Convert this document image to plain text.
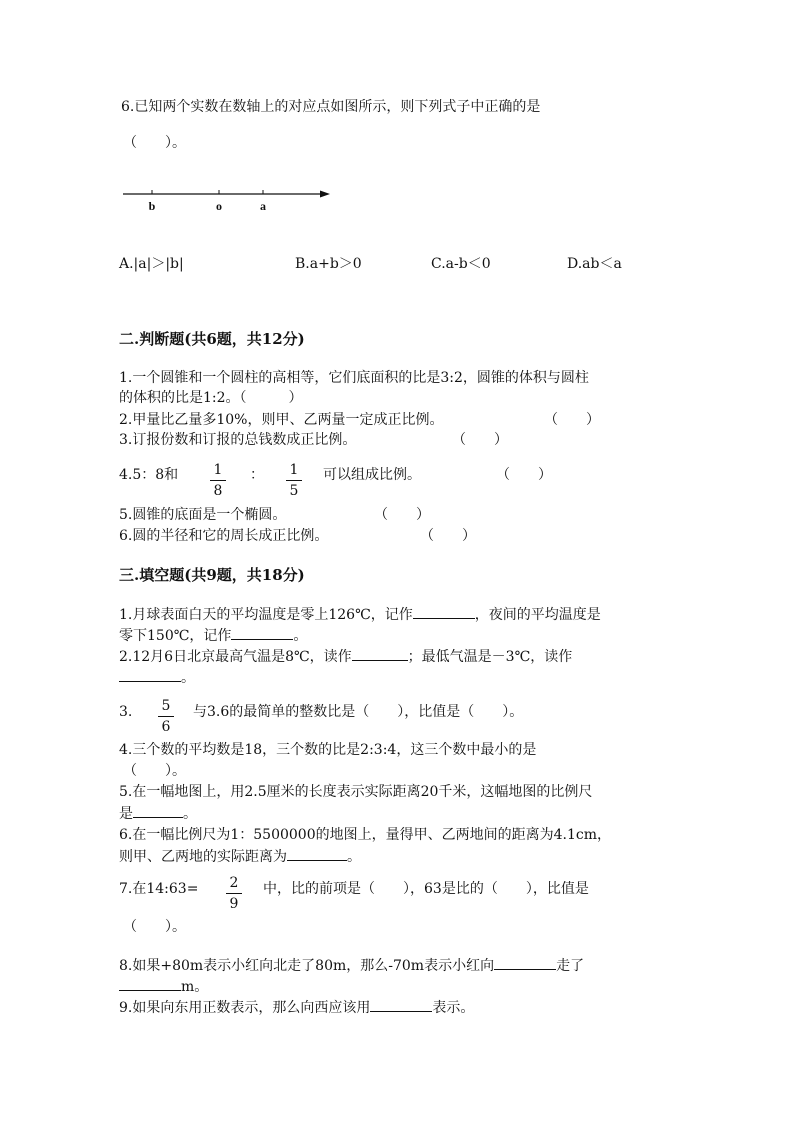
6.已知两个实数在数轴上的对应点如图所示，则下列式子中正确的是
（　　）。
b	o	a
A.|a|＞|b|	B.a+b＞0	C.a-b＜0	D.ab＜a
二.判断题(共6题，共12分)
1.一个圆锥和一个圆柱的高相等，它们底面积的比是3:2，圆锥的体积与圆柱
的体积的比是1:2。（　　　）
2.甲量比乙量多10%，则甲、乙两量一定成正比例。	（　　）
3.订报份数和订报的总钱数成正比例。	（　　）
4.5：8和	1
8
：	1
5
可以组成比例。	（　　）
5.圆锥的底面是一个椭圆。	（　　）
6.圆的半径和它的周长成正比例。	（　　）
三.填空题(共9题，共18分)
1.月球表面白天的平均温度是零上126℃，记作	，夜间的平均温度是
零下150℃，记作	。
2.12月6日北京最高气温是8℃，读作	；最低气温是－3℃，读作
。
3.	5
6
与3.6的最简单的整数比是（　　），比值是（　　）。
4.三个数的平均数是18，三个数的比是2:3:4，这三个数中最小的是
（　　）。
5.在一幅地图上，用2.5厘米的长度表示实际距离20千米，这幅地图的比例尺
是	。
6.在一幅比例尺为1：5500000的地图上，量得甲、乙两地间的距离为4.1cm，
则甲、乙两地的实际距离为	。
7.在14:63=	2
9
中，比的前项是（　　），63是比的（　　），比值是
（　　）。
8.如果+80m表示小红向北走了80m，那么-70m表示小红向	走了
m。
9.如果向东用正数表示，那么向西应该用	表示。
